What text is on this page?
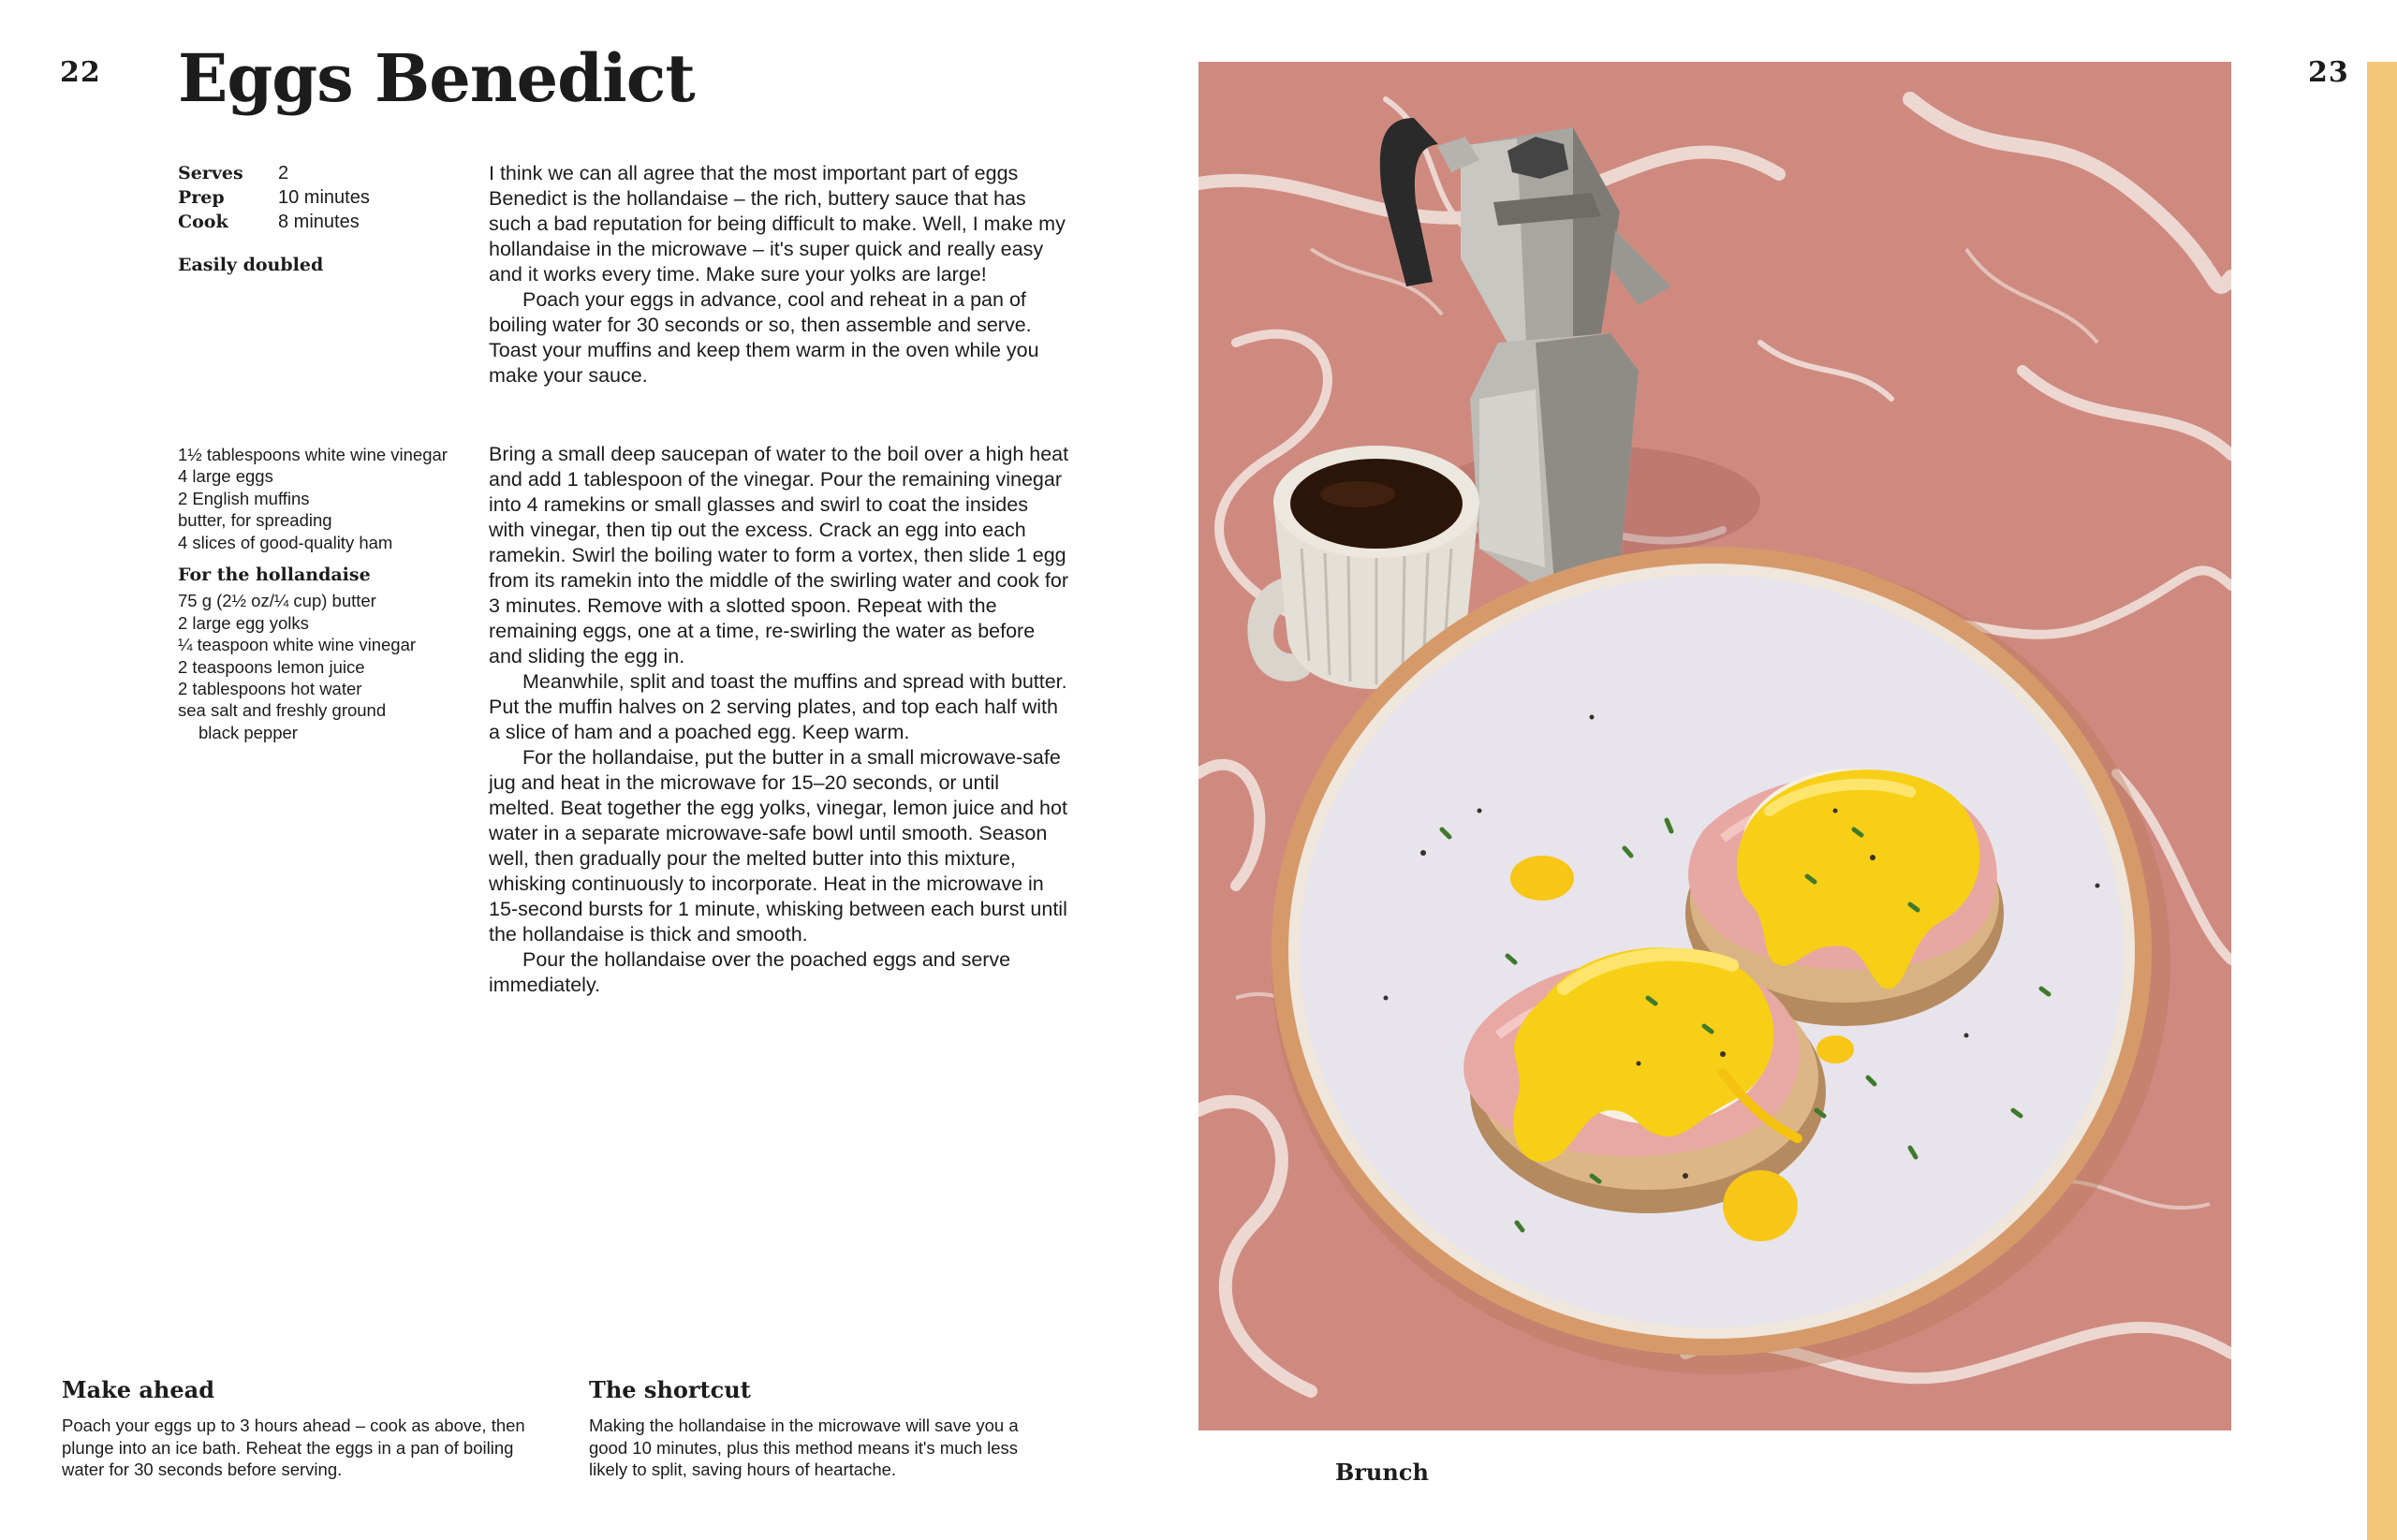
22 Eggs Benedict
Serves	2
Prep	10 minutes
Cook	8 minutes
Easily doubled

I think we can all agree that the most important part of eggs Benedict is the hollandaise – the rich, buttery sauce that has such a bad reputation for being difficult to make. Well, I make my hollandaise in the microwave – it's super quick and really easy and it works every time. Make sure your yolks are large!

Poach your eggs in advance, cool and reheat in a pan of boiling water for 30 seconds or so, then assemble and serve. Toast your muffins and keep them warm in the oven while you make your sauce.

1½ tablespoons white wine vinegar
4 large eggs
2 English muffins
butter, for spreading
4 slices of good-quality ham
For the hollandaise
75 g (2½ oz/¼ cup) butter
2 large egg yolks
¼ teaspoon white wine vinegar
2 teaspoons lemon juice
2 tablespoons hot water
sea salt and freshly ground
black pepper

Bring a small deep saucepan of water to the boil over a high heat and add 1 tablespoon of the vinegar. Pour the remaining vinegar into 4 ramekins or small glasses and swirl to coat the insides with vinegar, then tip out the excess. Crack an egg into each ramekin. Swirl the boiling water to form a vortex, then slide 1 egg from its ramekin into the middle of the swirling water and cook for 3 minutes. Remove with a slotted spoon. Repeat with the remaining eggs, one at a time, re-swirling the water as before and sliding the egg in.

Meanwhile, split and toast the muffins and spread with butter. Put the muffin halves on 2 serving plates, and top each half with a slice of ham and a poached egg. Keep warm.

For the hollandaise, put the butter in a small microwave-safe jug and heat in the microwave for 15–20 seconds, or until melted. Beat together the egg yolks, vinegar, lemon juice and hot water in a separate microwave-safe bowl until smooth. Season well, then gradually pour the melted butter into this mixture, whisking continuously to incorporate. Heat in the microwave in 15-second bursts for 1 minute, whisking between each burst until the hollandaise is thick and smooth.

Pour the hollandaise over the poached eggs and serve immediately.

Make ahead
Poach your eggs up to 3 hours ahead – cook as above, then plunge into an ice bath. Reheat the eggs in a pan of boiling water for 30 seconds before serving.
The shortcut
Making the hollandaise in the microwave will save you a good 10 minutes, plus this method means it's much less likely to split, saving hours of heartache.	Brunch
23
